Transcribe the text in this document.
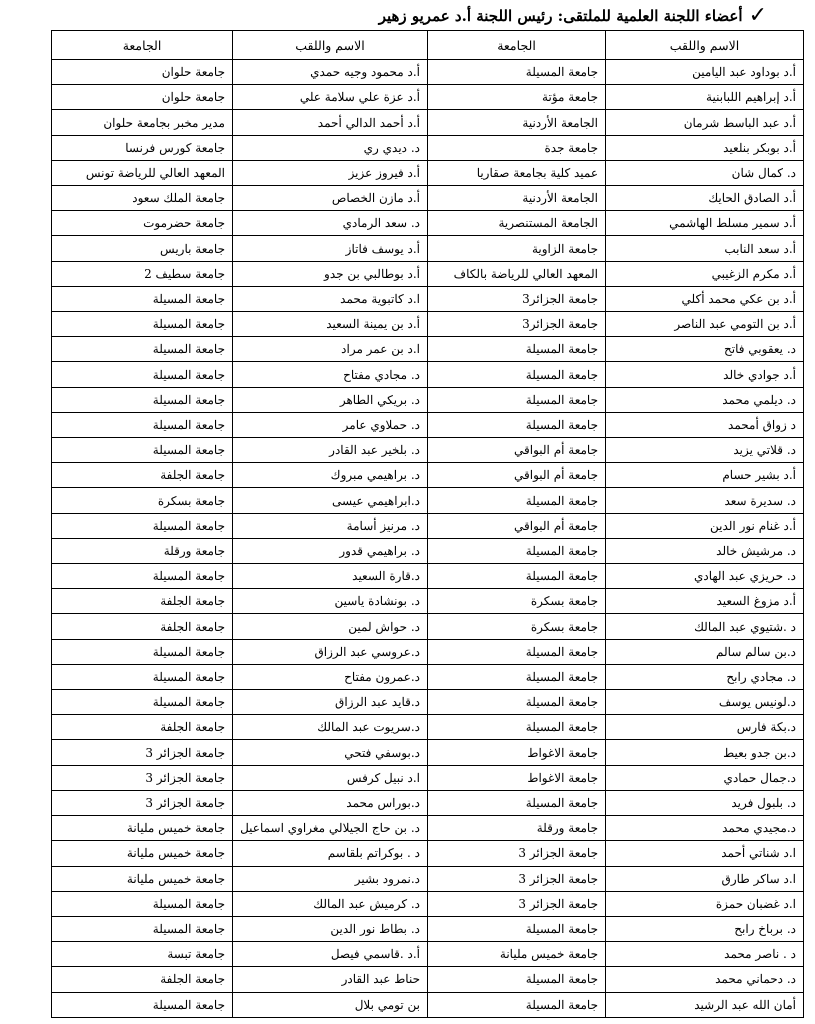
✓
أعضاء اللجنة العلمية للملتقى: رئيس اللجنة أ.د عمريو زهير
الاسم واللقب	الجامعة	الاسم واللقب	الجامعة
أ.د بوداود عبد اليامين	جامعة المسيلة	أ.د محمود وجيه حمدي	جامعة حلوان
أ.د إبراهيم اللبابنية	جامعة مؤتة	أ.د عزة علي سلامة علي	جامعة حلوان
أ.د عبد الباسط شرمان	الجامعة الأردنية	أ.د أحمد الدالي أحمد	مدير مخبر بجامعة حلوان
أ.د بوبكر بنلعيد	جامعة جدة	د. ديدي ري	جامعة كورس فرنسا
د. كمال شان	عميد كلية بجامعة صقاريا	أ.د فيروز عزيز	المعهد العالي للرياضة تونس
أ.د الصادق الحايك	الجامعة الأردنية	أ.د مازن الخصاص	جامعة الملك سعود
أ.د سمير مسلط الهاشمي	الجامعة المستنصرية	د. سعد الرمادي	جامعة حضرموت
أ.د سعد النابب	جامعة الزاوية	أ.د يوسف فاتاز	جامعة باريس
أ.د مكرم الزغيبي	المعهد العالي للرياضة بالكاف	أ.د بوطالبي بن جدو	جامعة سطيف 2
أ.د بن عكي محمد أكلي	جامعة الجزائر3	ا.د كاتبوية محمد	جامعة المسيلة
أ.د بن التومي عبد الناصر	جامعة الجزائر3	أ.د بن يمينة السعيد	جامعة المسيلة
د. يعقوبي فاتح	جامعة المسيلة	ا.د بن عمر مراد	جامعة المسيلة
أ.د جوادي خالد	جامعة المسيلة	د. مجادي مفتاح	جامعة المسيلة
د. ديلمي محمد	جامعة المسيلة	د. بريكي الطاهر	جامعة المسيلة
د زواق أمحمد	جامعة المسيلة	د. حملاوي عامر	جامعة المسيلة
د. قلاتي يزيد	جامعة أم البواقي	د. بلخير عبد القادر	جامعة المسيلة
أ.د بشير حسام	جامعة أم البواقي	د. براهيمي مبروك	جامعة الجلفة
د. سديرة سعد	جامعة المسيلة	د.ابراهيمي عيسى	جامعة بسكرة
أ.د غنام نور الدين	جامعة أم البواقي	د. مرنيز أسامة	جامعة المسيلة
د. مرشيش خالد	جامعة المسيلة	د. براهيمي قدور	جامعة ورقلة
د. حريزي عبد الهادي	جامعة المسيلة	د.قارة السعيد	جامعة المسيلة
أ.د مزوغ السعيد	جامعة بسكرة	د. بونشادة ياسين	جامعة الجلفة
د .شتيوي عبد المالك	جامعة بسكرة	د. حواش لمين	جامعة الجلفة
د.بن سالم سالم	جامعة المسيلة	د.عروسي عبد الرزاق	جامعة المسيلة
د. مجادي رابح	جامعة المسيلة	د.عمرون مفتاح	جامعة المسيلة
د.لونيس يوسف	جامعة المسيلة	د.قايد عبد الرزاق	جامعة المسيلة
د.بكة فارس	جامعة المسيلة	د.سريوت عبد المالك	جامعة الجلفة
د.بن جدو بعيط	جامعة الاغواط	د.بوسفي فتحي	جامعة الجزائر 3
د.جمال حمادي	جامعة الاغواط	ا.د نبيل كرفس	جامعة الجزائر 3
د. بلبول فريد	جامعة المسيلة	د.بوراس محمد	جامعة الجزائر 3
د.مجيدي محمد	جامعة ورقلة	د. بن حاج الجيلالي مغراوي اسماعيل	جامعة خميس مليانة
ا.د شناتي أحمد	جامعة الجزائر 3	د . بوكراتم بلقاسم	جامعة خميس مليانة
ا.د ساكر طارق	جامعة الجزائر 3	د.نمرود بشير	جامعة خميس مليانة
ا.د غضبان حمزة	جامعة الجزائر 3	د. كرميش عبد المالك	جامعة المسيلة
د. برباخ رابح	جامعة المسيلة	د. بطاط نور الدين	جامعة المسيلة
د . ناصر محمد	جامعة خميس مليانة	أ.د .قاسمي فيصل	جامعة تبسة
د. دحماني محمد	جامعة المسيلة	حناط عبد القادر	جامعة الجلفة
أمان الله عبد الرشيد	جامعة المسيلة	بن تومي بلال	جامعة المسيلة
